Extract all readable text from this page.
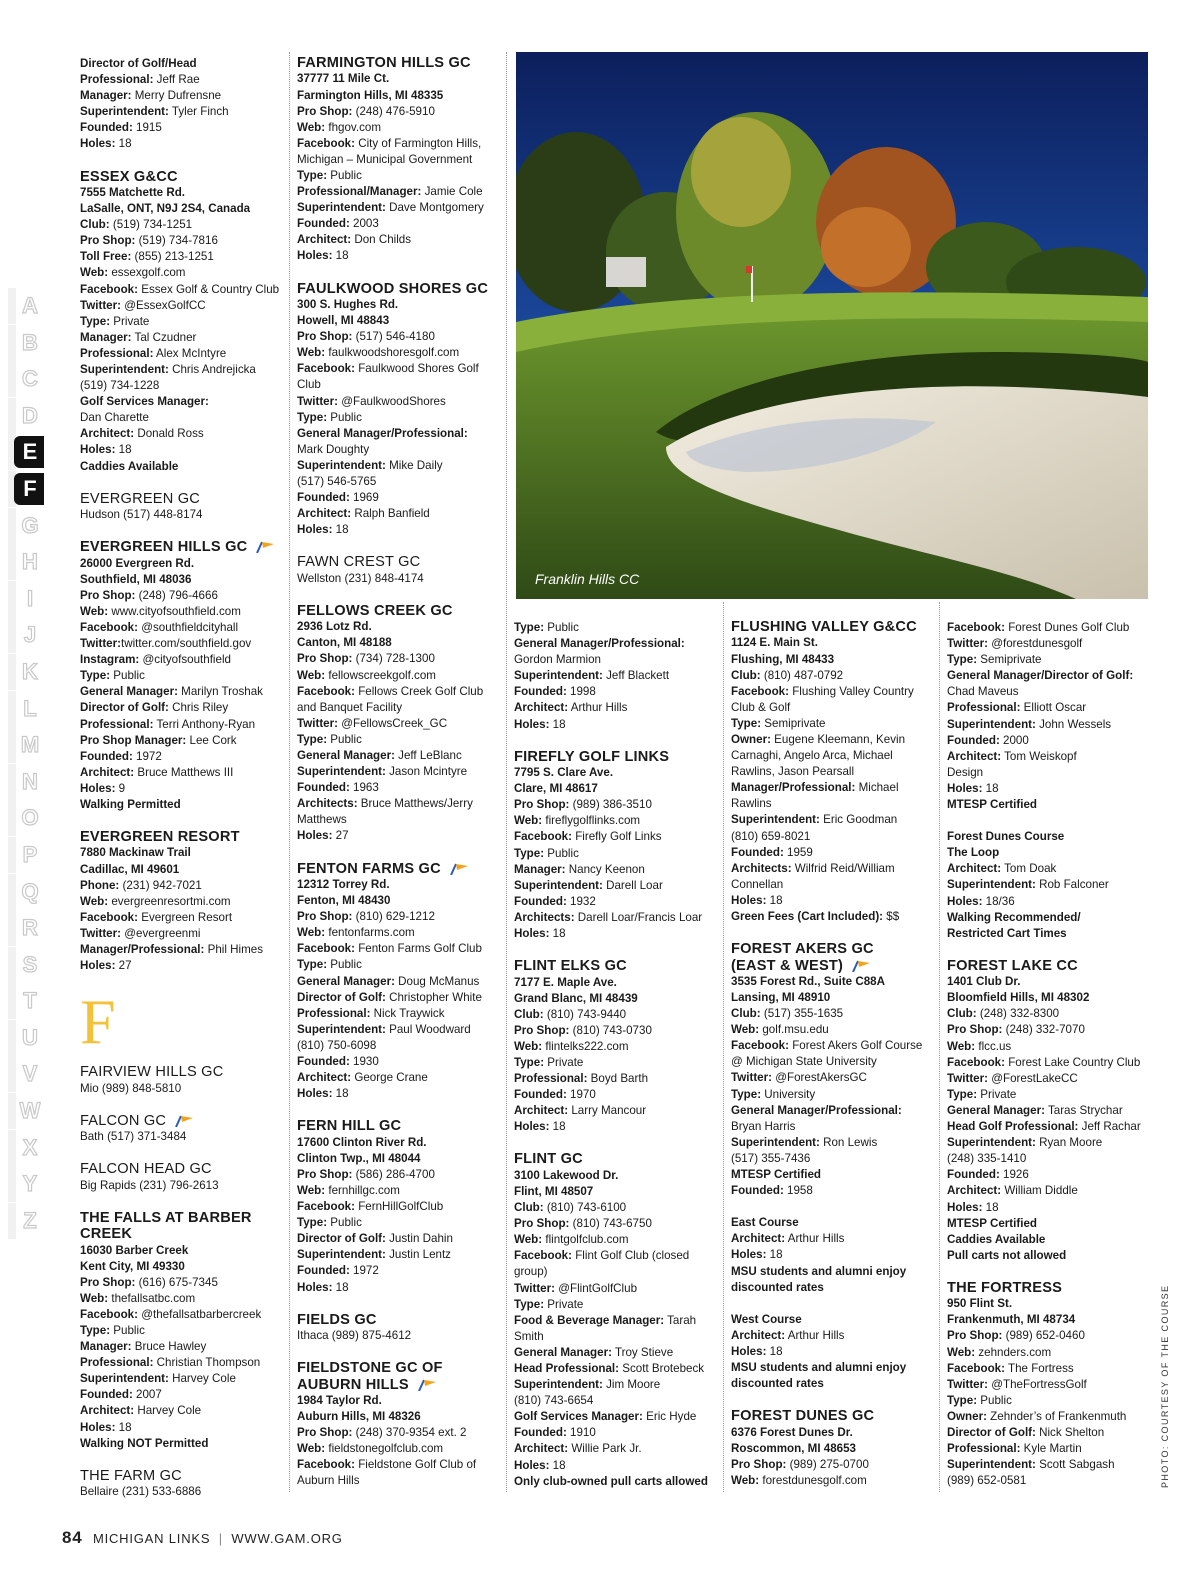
Director of Golf/Head
Professional: Jeff Rae
Manager: Merry Dufrensne
Superintendent: Tyler Finch
Founded: 1915
Holes: 18
ESSEX G&CC
7555 Matchette Rd.
LaSalle, ONT, N9J 2S4, Canada
Club: (519) 734-1251
Pro Shop: (519) 734-7816
Toll Free: (855) 213-1251
Web: essexgolf.com
Facebook: Essex Golf & Country Club
Twitter: @EssexGolfCC
Type: Private
Manager: Tal Czudner
Professional: Alex McIntyre
Superintendent: Chris Andrejicka
(519) 734-1228
Golf Services Manager:
Dan Charette
Architect: Donald Ross
Holes: 18
Caddies Available
EVERGREEN GC
Hudson (517) 448-8174
EVERGREEN HILLS GC
26000 Evergreen Rd.
Southfield, MI 48036
Pro Shop: (248) 796-4666
Web: www.cityofsouthfield.com
Facebook: @southfieldcityhall
Twitter:twitter.com/southfield.gov
Instagram: @cityofsouthfield
Type: Public
General Manager: Marilyn Troshak
Director of Golf: Chris Riley
Professional: Terri Anthony-Ryan
Pro Shop Manager: Lee Cork
Founded: 1972
Architect: Bruce Matthews III
Holes: 9
Walking Permitted
EVERGREEN RESORT
7880 Mackinaw Trail
Cadillac, MI 49601
Phone: (231) 942-7021
Web: evergreenresortmi.com
Facebook: Evergreen Resort
Twitter: @evergreenmi
Manager/Professional: Phil Himes
Holes: 27
F
FAIRVIEW HILLS GC
Mio (989) 848-5810
FALCON GC
Bath (517) 371-3484
FALCON HEAD GC
Big Rapids (231) 796-2613
THE FALLS AT BARBER
CREEK
16030 Barber Creek
Kent City, MI 49330
Pro Shop: (616) 675-7345
Web: thefallsatbc.com
Facebook: @thefallsatbarbercreek
Type: Public
Manager: Bruce Hawley
Professional: Christian Thompson
Superintendent: Harvey Cole
Founded: 2007
Architect: Harvey Cole
Holes: 18
Walking NOT Permitted
THE FARM GC
Bellaire (231) 533-6886
FARMINGTON HILLS GC
37777 11 Mile Ct.
Farmington Hills, MI 48335
Pro Shop: (248) 476-5910
Web: fhgov.com
Facebook: City of Farmington Hills,
Michigan – Municipal Government
Type: Public
Professional/Manager: Jamie Cole
Superintendent: Dave Montgomery
Founded: 2003
Architect: Don Childs
Holes: 18
FAULKWOOD SHORES GC
300 S. Hughes Rd.
Howell, MI 48843
Pro Shop: (517) 546-4180
Web: faulkwoodshoresgolf.com
Facebook: Faulkwood Shores Golf
Club
Twitter: @FaulkwoodShores
Type: Public
General Manager/Professional:
Mark Doughty
Superintendent: Mike Daily
(517) 546-5765
Founded: 1969
Architect: Ralph Banfield
Holes: 18
FAWN CREST GC
Wellston (231) 848-4174
FELLOWS CREEK GC
2936 Lotz Rd.
Canton, MI 48188
Pro Shop: (734) 728-1300
Web: fellowscreekgolf.com
Facebook: Fellows Creek Golf Club
and Banquet Facility
Twitter: @FellowsCreek_GC
Type: Public
General Manager: Jeff LeBlanc
Superintendent: Jason Mcintyre
Founded: 1963
Architects: Bruce Matthews/Jerry
Matthews
Holes: 27
FENTON FARMS GC
12312 Torrey Rd.
Fenton, MI 48430
Pro Shop: (810) 629-1212
Web: fentonfarms.com
Facebook: Fenton Farms Golf Club
Type: Public
General Manager: Doug McManus
Director of Golf: Christopher White
Professional: Nick Traywick
Superintendent: Paul Woodward
(810) 750-6098
Founded: 1930
Architect: George Crane
Holes: 18
FERN HILL GC
17600 Clinton River Rd.
Clinton Twp., MI 48044
Pro Shop: (586) 286-4700
Web: fernhillgc.com
Facebook: FernHillGolfClub
Type: Public
Director of Golf: Justin Dahin
Superintendent: Justin Lentz
Founded: 1972
Holes: 18
FIELDS GC
Ithaca (989) 875-4612
FIELDSTONE GC OF
AUBURN HILLS
1984 Taylor Rd.
Auburn Hills, MI 48326
Pro Shop: (248) 370-9354 ext. 2
Web: fieldstonegolfclub.com
Facebook: Fieldstone Golf Club of
Auburn Hills
Type: Public
General Manager/Professional:
Gordon Marmion
Superintendent: Jeff Blackett
Founded: 1998
Architect: Arthur Hills
Holes: 18
FIREFLY GOLF LINKS
7795 S. Clare Ave.
Clare, MI 48617
Pro Shop: (989) 386-3510
Web: fireflygolflinks.com
Facebook: Firefly Golf Links
Type: Public
Manager: Nancy Keenon
Superintendent: Darell Loar
Founded: 1932
Architects: Darell Loar/Francis Loar
Holes: 18
FLINT ELKS GC
7177 E. Maple Ave.
Grand Blanc, MI 48439
Club: (810) 743-9440
Pro Shop: (810) 743-0730
Web: flintelks222.com
Type: Private
Professional: Boyd Barth
Founded: 1970
Architect: Larry Mancour
Holes: 18
FLINT GC
3100 Lakewood Dr.
Flint, MI 48507
Club: (810) 743-6100
Pro Shop: (810) 743-6750
Web: flintgolfclub.com
Facebook: Flint Golf Club (closed
group)
Twitter: @FlintGolfClub
Type: Private
Food & Beverage Manager: Tarah
Smith
General Manager: Troy Stieve
Head Professional: Scott Brotebeck
Superintendent: Jim Moore
(810) 743-6654
Golf Services Manager: Eric Hyde
Founded: 1910
Architect: Willie Park Jr.
Holes: 18
Only club-owned pull carts allowed
FLUSHING VALLEY G&CC
1124 E. Main St.
Flushing, MI 48433
Club: (810) 487-0792
Facebook: Flushing Valley Country
Club & Golf
Type: Semiprivate
Owner: Eugene Kleemann, Kevin
Carnaghi, Angelo Arca, Michael
Rawlins, Jason Pearsall
Manager/Professional: Michael
Rawlins
Superintendent: Eric Goodman
(810) 659-8021
Founded: 1959
Architects: Wilfrid Reid/William
Connellan
Holes: 18
Green Fees (Cart Included): $$
FOREST AKERS GC
(EAST & WEST)
3535 Forest Rd., Suite C88A
Lansing, MI 48910
Club: (517) 355-1635
Web: golf.msu.edu
Facebook: Forest Akers Golf Course
@ Michigan State University
Twitter: @ForestAkersGC
Type: University
General Manager/Professional:
Bryan Harris
Superintendent: Ron Lewis
(517) 355-7436
MTESP Certified
Founded: 1958
East Course
Architect: Arthur Hills
Holes: 18
MSU students and alumni enjoy
discounted rates
West Course
Architect: Arthur Hills
Holes: 18
MSU students and alumni enjoy
discounted rates
FOREST DUNES GC
6376 Forest Dunes Dr.
Roscommon, MI 48653
Pro Shop: (989) 275-0700
Web: forestdunesgolf.com
Facebook: Forest Dunes Golf Club
Twitter: @forestdunesgolf
Type: Semiprivate
General Manager/Director of Golf:
Chad Maveus
Professional: Elliott Oscar
Superintendent: John Wessels
Founded: 2000
Architect: Tom Weiskopf
Design
Holes: 18
MTESP Certified
Forest Dunes Course
The Loop
Architect: Tom Doak
Superintendent: Rob Falconer
Holes: 18/36
Walking Recommended/
Restricted Cart Times
FOREST LAKE CC
1401 Club Dr.
Bloomfield Hills, MI 48302
Club: (248) 332-8300
Pro Shop: (248) 332-7070
Web: flcc.us
Facebook: Forest Lake Country Club
Twitter: @ForestLakeCC
Type: Private
General Manager: Taras Strychar
Head Golf Professional: Jeff Rachar
Superintendent: Ryan Moore
(248) 335-1410
Founded: 1926
Architect: William Diddle
Holes: 18
MTESP Certified
Caddies Available
Pull carts not allowed
THE FORTRESS
950 Flint St.
Frankenmuth, MI 48734
Pro Shop: (989) 652-0460
Web: zehnders.com
Facebook: The Fortress
Twitter: @TheFortressGolf
Type: Public
Owner: Zehnder’s of Frankenmuth
Director of Golf: Nick Shelton
Professional: Kyle Martin
Superintendent: Scott Sabgash
(989) 652-0581
Franklin Hills CC
A
B
C
D
E
F
G
H
I
J
K
L
M
N
O
P
Q
R
S
T
U
V
W
X
Y
Z
PHOTO: COURTESY OF THE COURSE
84 MICHIGAN LINKS | WWW.GAM.ORG
